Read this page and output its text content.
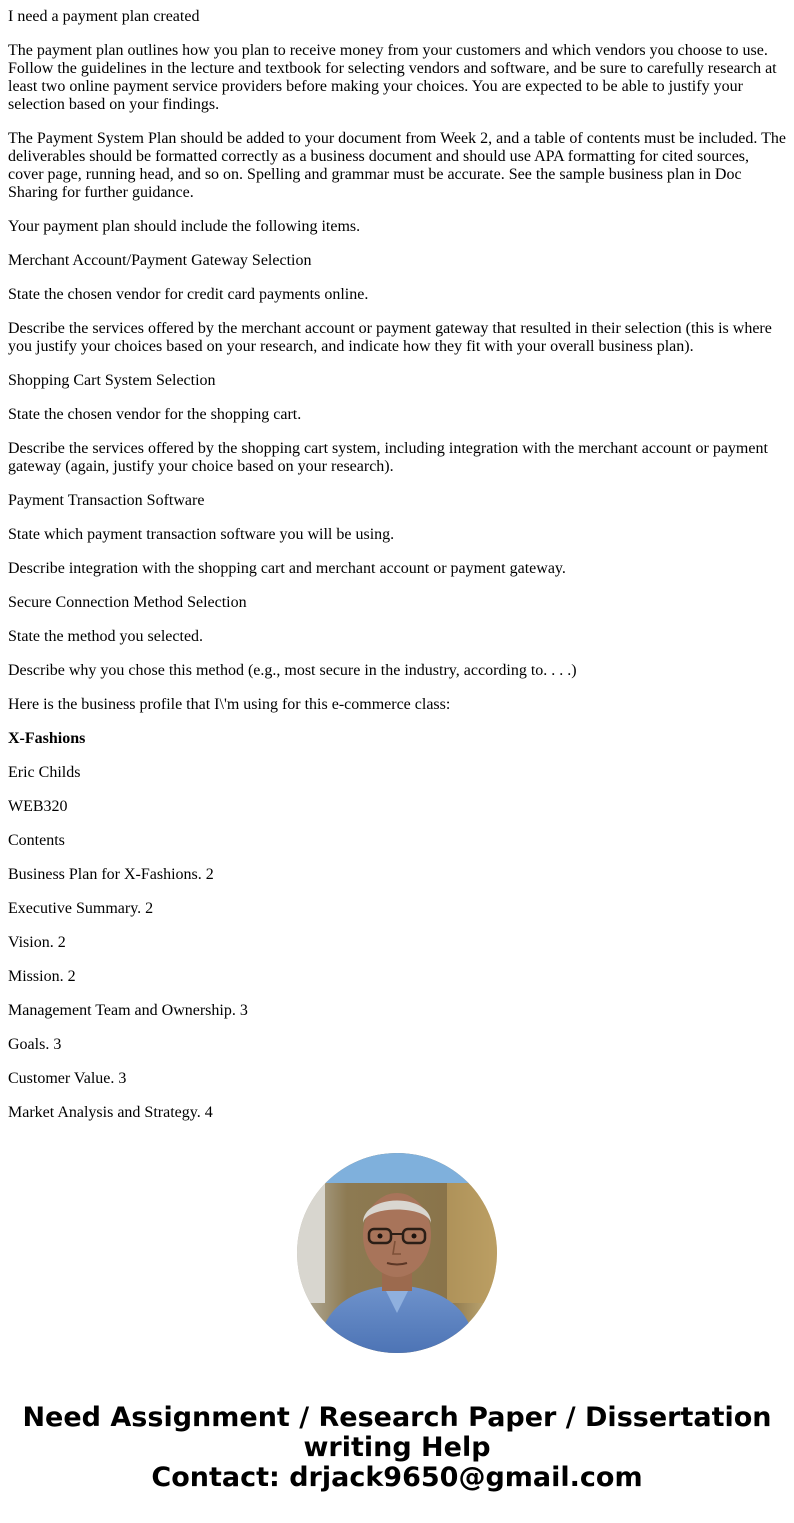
I need a payment plan created

The payment plan outlines how you plan to receive money from your customers and which vendors you choose to use. Follow the guidelines in the lecture and textbook for selecting vendors and software, and be sure to carefully research at least two online payment service providers before making your choices. You are expected to be able to justify your selection based on your findings.

The Payment System Plan should be added to your document from Week 2, and a table of contents must be included. The deliverables should be formatted correctly as a business document and should use APA formatting for cited sources, cover page, running head, and so on. Spelling and grammar must be accurate. See the sample business plan in Doc Sharing for further guidance.

Your payment plan should include the following items.

Merchant Account/Payment Gateway Selection

State the chosen vendor for credit card payments online.

Describe the services offered by the merchant account or payment gateway that resulted in their selection (this is where you justify your choices based on your research, and indicate how they fit with your overall business plan).

Shopping Cart System Selection

State the chosen vendor for the shopping cart.

Describe the services offered by the shopping cart system, including integration with the merchant account or payment gateway (again, justify your choice based on your research).

Payment Transaction Software

State which payment transaction software you will be using.

Describe integration with the shopping cart and merchant account or payment gateway.

Secure Connection Method Selection

State the method you selected.

Describe why you chose this method (e.g., most secure in the industry, according to. . . .)

Here is the business profile that I\'m using for this e-commerce class:

X-Fashions

Eric Childs

WEB320

Contents

Business Plan for X-Fashions. 2

Executive Summary. 2

Vision. 2

Mission. 2

Management Team and Ownership. 3

Goals. 3

Customer Value. 3

Market Analysis and Strategy. 4

Need Assignment / Research Paper / Dissertation
writing Help
Contact: drjack9650@gmail.com
